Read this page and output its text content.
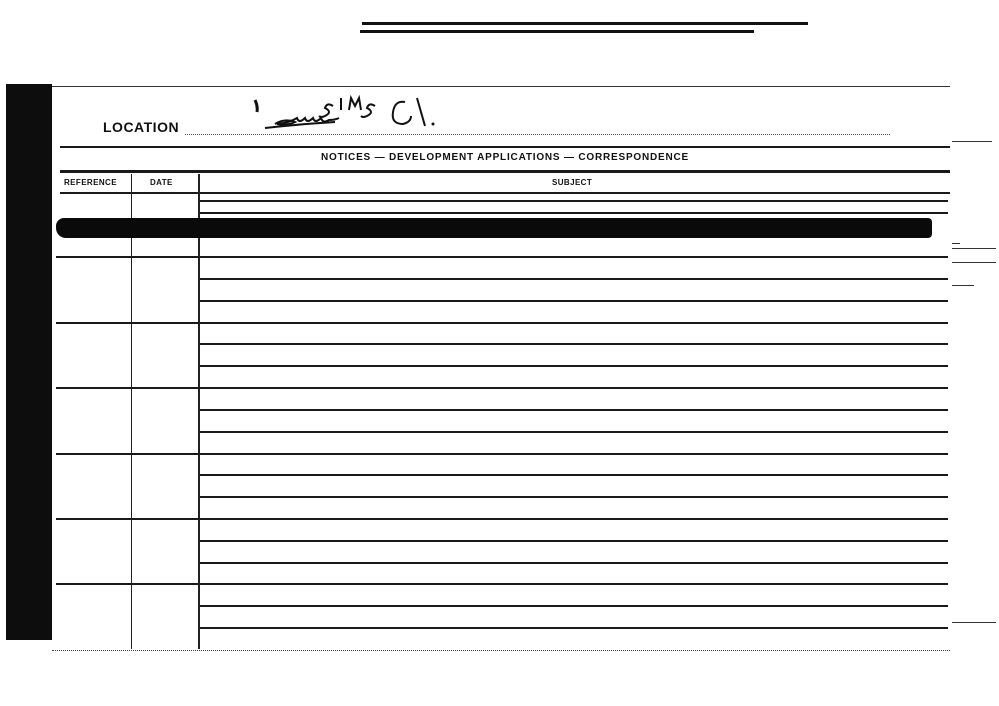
LOCATION
NOTICES — DEVELOPMENT APPLICATIONS — CORRESPONDENCE
REFERENCE	DATE	SUBJECT
